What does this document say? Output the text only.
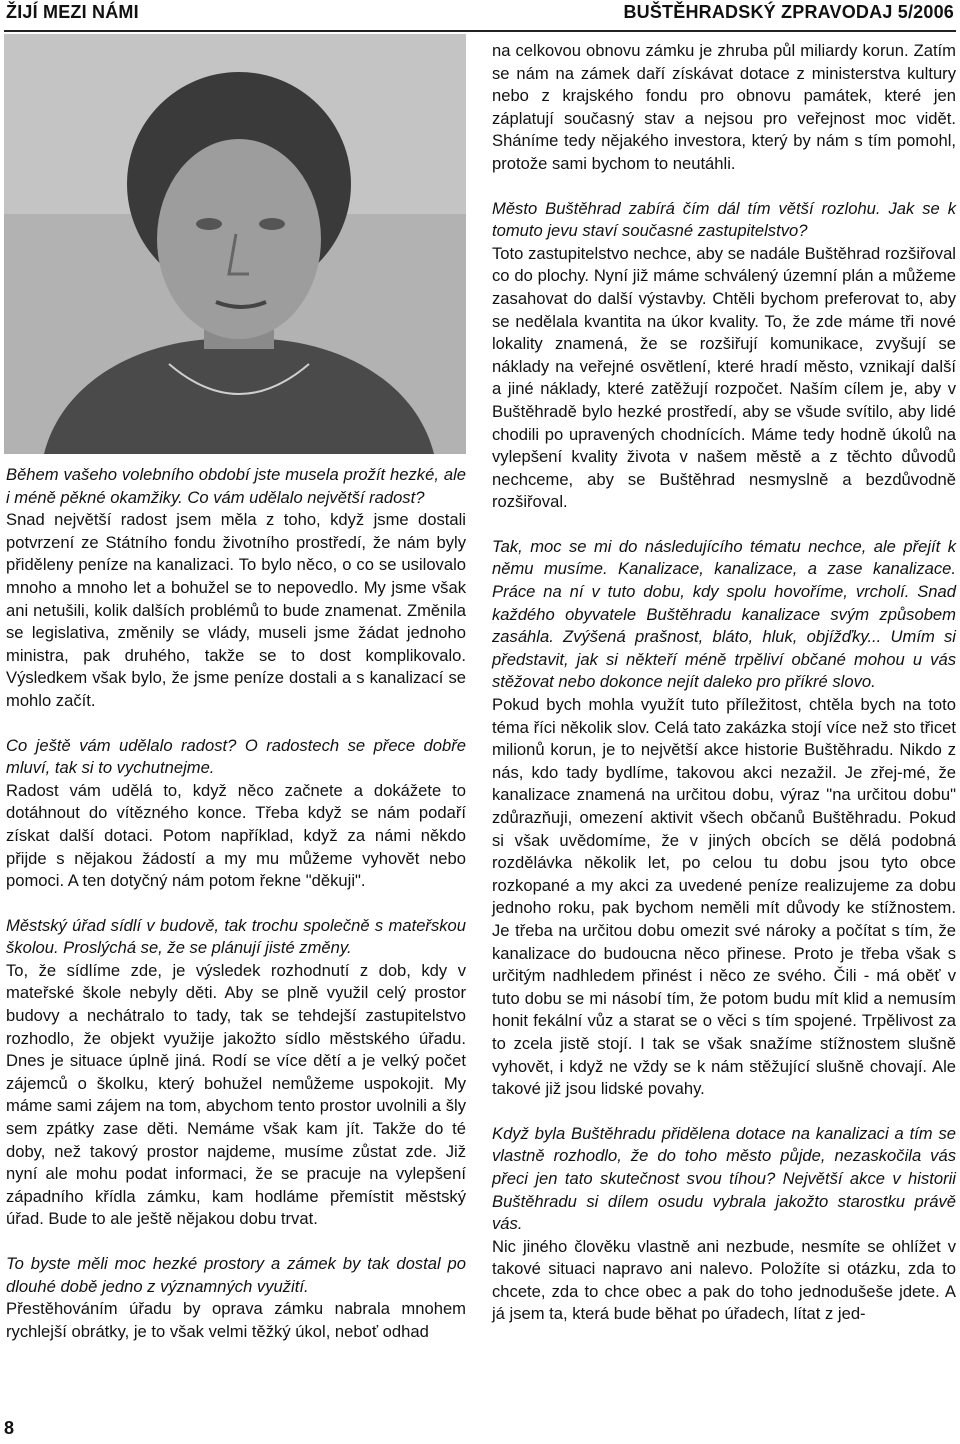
ŽIJÍ MEZI NÁMI	BUŠTĚHRADSKÝ ZPRAVODAJ 5/2006

Během vašeho volebního období jste musela prožít hezké, ale i méně pěkné okamžiky. Co vám udělalo největší radost?

Snad největší radost jsem měla z toho, když jsme dostali potvrzení ze Státního fondu životního prostředí, že nám byly přiděleny peníze na kanalizaci. To bylo něco, o co se usilovalo mnoho a mnoho let a bohužel se to nepovedlo. My jsme však ani netušili, kolik dalších problémů to bude znamenat. Změnila se legislativa, změnily se vlády, museli jsme žádat jednoho ministra, pak druhého, takže se to dost komplikovalo. Výsledkem však bylo, že jsme peníze dostali a s kanalizací se mohlo začít.

Co ještě vám udělalo radost? O radostech se přece dobře mluví, tak si to vychutnejme.

Radost vám udělá to, když něco začnete a dokážete to dotáhnout do vítězného konce. Třeba když se nám podaří získat další dotaci. Potom například, když za námi někdo přijde s nějakou žádostí a my mu můžeme vyhovět nebo pomoci. A ten dotyčný nám potom řekne "děkuji".

Městský úřad sídlí v budově, tak trochu společně s mateřskou školou. Proslýchá se, že se plánují jisté změny.

To, že sídlíme zde, je výsledek rozhodnutí z dob, kdy v mateřské škole nebyly děti. Aby se plně využil celý prostor budovy a nechátralo to tady, tak se tehdejší zastupitelstvo rozhodlo, že objekt využije jakožto sídlo městského úřadu. Dnes je situace úplně jiná. Rodí se více dětí a je velký počet zájemců o školku, který bohužel nemůžeme uspokojit. My máme sami zájem na tom, abychom tento prostor uvolnili a šly sem zpátky zase děti. Nemáme však kam jít. Takže do té doby, než takový prostor najdeme, musíme zůstat zde. Již nyní ale mohu podat informaci, že se pracuje na vylepšení západního křídla zámku, kam hodláme přemístit městský úřad. Bude to ale ještě nějakou dobu trvat.

To byste měli moc hezké prostory a zámek by tak dostal po dlouhé době jedno z významných využití.

Přestěhováním úřadu by oprava zámku nabrala mnohem rychlejší obrátky, je to však velmi těžký úkol, neboť odhad

na celkovou obnovu zámku je zhruba půl miliardy korun. Zatím se nám na zámek daří získávat dotace z ministerstva kultury nebo z krajského fondu pro obnovu památek, které jen záplatují současný stav a nejsou pro veřejnost moc vidět. Sháníme tedy nějakého investora, který by nám s tím pomohl, protože sami bychom to neutáhli.

Město Buštěhrad zabírá čím dál tím větší rozlohu. Jak se k tomuto jevu staví současné zastupitelstvo?

Toto zastupitelstvo nechce, aby se nadále Buštěhrad rozšiřoval co do plochy. Nyní již máme schválený územní plán a můžeme zasahovat do další výstavby. Chtěli bychom preferovat to, aby se nedělala kvantita na úkor kvality. To, že zde máme tři nové lokality znamená, že se rozšiřují komunikace, zvyšují se náklady na veřejné osvětlení, které hradí město, vznikají další a jiné náklady, které zatěžují rozpočet. Naším cílem je, aby v Buštěhradě bylo hezké prostředí, aby se všude svítilo, aby lidé chodili po upravených chodnících. Máme tedy hodně úkolů na vylepšení kvality života v našem městě a z těchto důvodů nechceme, aby se Buštěhrad nesmyslně a bezdůvodně rozšiřoval.

Tak, moc se mi do následujícího tématu nechce, ale přejít k němu musíme. Kanalizace, kanalizace, a zase kanalizace. Práce na ní v tuto dobu, kdy spolu hovoříme, vrcholí. Snad každého obyvatele Buštěhradu kanalizace svým způsobem zasáhla. Zvýšená prašnost, bláto, hluk, objížďky... Umím si představit, jak si někteří méně trpěliví občané mohou u vás stěžovat nebo dokonce nejít daleko pro příkré slovo.

Pokud bych mohla využít tuto příležitost, chtěla bych na toto téma říci několik slov. Celá tato zakázka stojí více než sto třicet milionů korun, je to největší akce historie Buštěhradu. Nikdo z nás, kdo tady bydlíme, takovou akci nezažil. Je zřej-mé, že kanalizace znamená na určitou dobu, výraz "na určitou dobu" zdůrazňuji, omezení aktivit všech občanů Buštěhradu. Pokud si však uvědomíme, že v jiných obcích se dělá podobná rozdělávka několik let, po celou tu dobu jsou tyto obce rozkopané a my akci za uvedené peníze realizujeme za dobu jednoho roku, pak bychom neměli mít důvody ke stížnostem. Je třeba na určitou dobu omezit své nároky a počítat s tím, že kanalizace do budoucna něco přinese. Proto je třeba však s určitým nadhledem přinést i něco ze svého. Čili - má oběť v tuto dobu se mi násobí tím, že potom budu mít klid a nemusím honit fekální vůz a starat se o věci s tím spojené. Trpělivost za to zcela jistě stojí. I tak se však snažíme stížnostem slušně vyhovět, i když ne vždy se k nám stěžující slušně chovají. Ale takové již jsou lidské povahy.

Když byla Buštěhradu přidělena dotace na kanalizaci a tím se vlastně rozhodlo, že do toho město půjde, nezaskočila vás přeci jen tato skutečnost svou tíhou? Největší akce v historii Buštěhradu si dílem osudu vybrala jakožto starostku právě vás.

Nic jiného člověku vlastně ani nezbude, nesmíte se ohlížet v takové situaci napravo ani nalevo. Položíte si otázku, zda to chcete, zda to chce obec a pak do toho jednodušeše jdete. A já jsem ta, která bude běhat po úřadech, lítat z jed-

8
